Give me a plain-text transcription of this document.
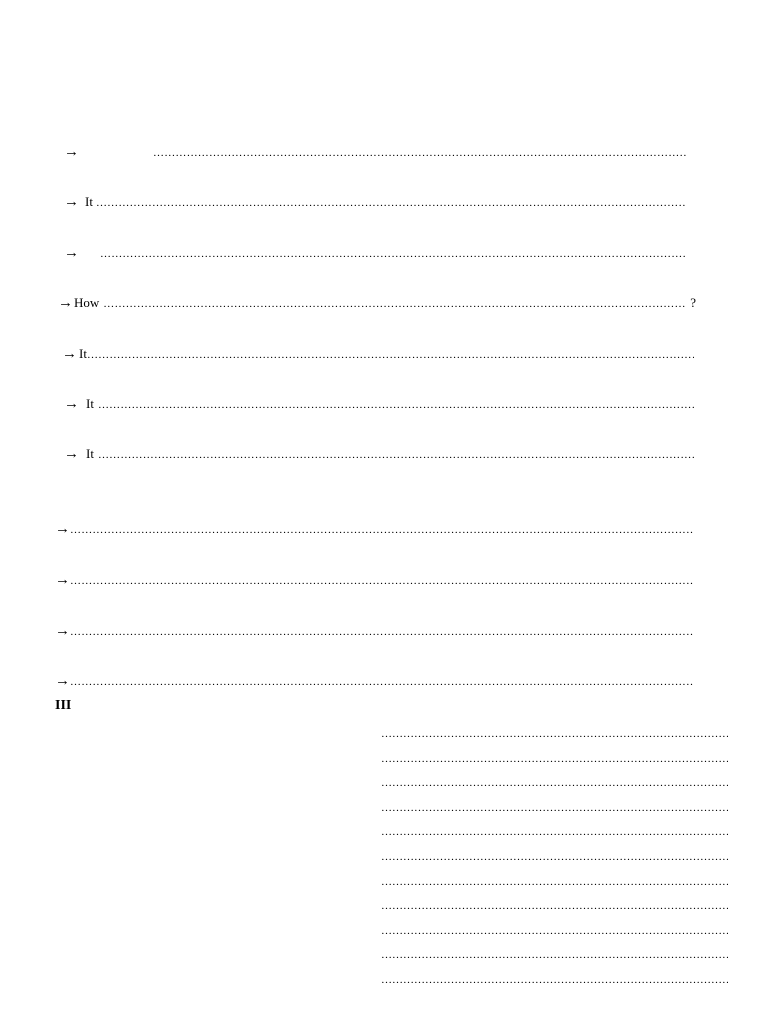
→
…………………………………………………………………………………………………………………………………………………………………………………………
→ It
…………………………………………………………………………………………………………………………………………………………………………………………
→
…………………………………………………………………………………………………………………………………………………………………………………………
→ How
…………………………………………………………………………………………………………………………………………………………………………………………	?
→ It
…………………………………………………………………………………………………………………………………………………………………………………………
→ It
…………………………………………………………………………………………………………………………………………………………………………………………
→ It
…………………………………………………………………………………………………………………………………………………………………………………………
→
…………………………………………………………………………………………………………………………………………………………………………………………
→
…………………………………………………………………………………………………………………………………………………………………………………………
→
…………………………………………………………………………………………………………………………………………………………………………………………
→
…………………………………………………………………………………………………………………………………………………………………………………………
III
…………………………………………………………………………………………………………………………………………………………
…………………………………………………………………………………………………………………………………………………………
…………………………………………………………………………………………………………………………………………………………
…………………………………………………………………………………………………………………………………………………………
…………………………………………………………………………………………………………………………………………………………
…………………………………………………………………………………………………………………………………………………………
…………………………………………………………………………………………………………………………………………………………
…………………………………………………………………………………………………………………………………………………………
…………………………………………………………………………………………………………………………………………………………
…………………………………………………………………………………………………………………………………………………………
…………………………………………………………………………………………………………………………………………………………
